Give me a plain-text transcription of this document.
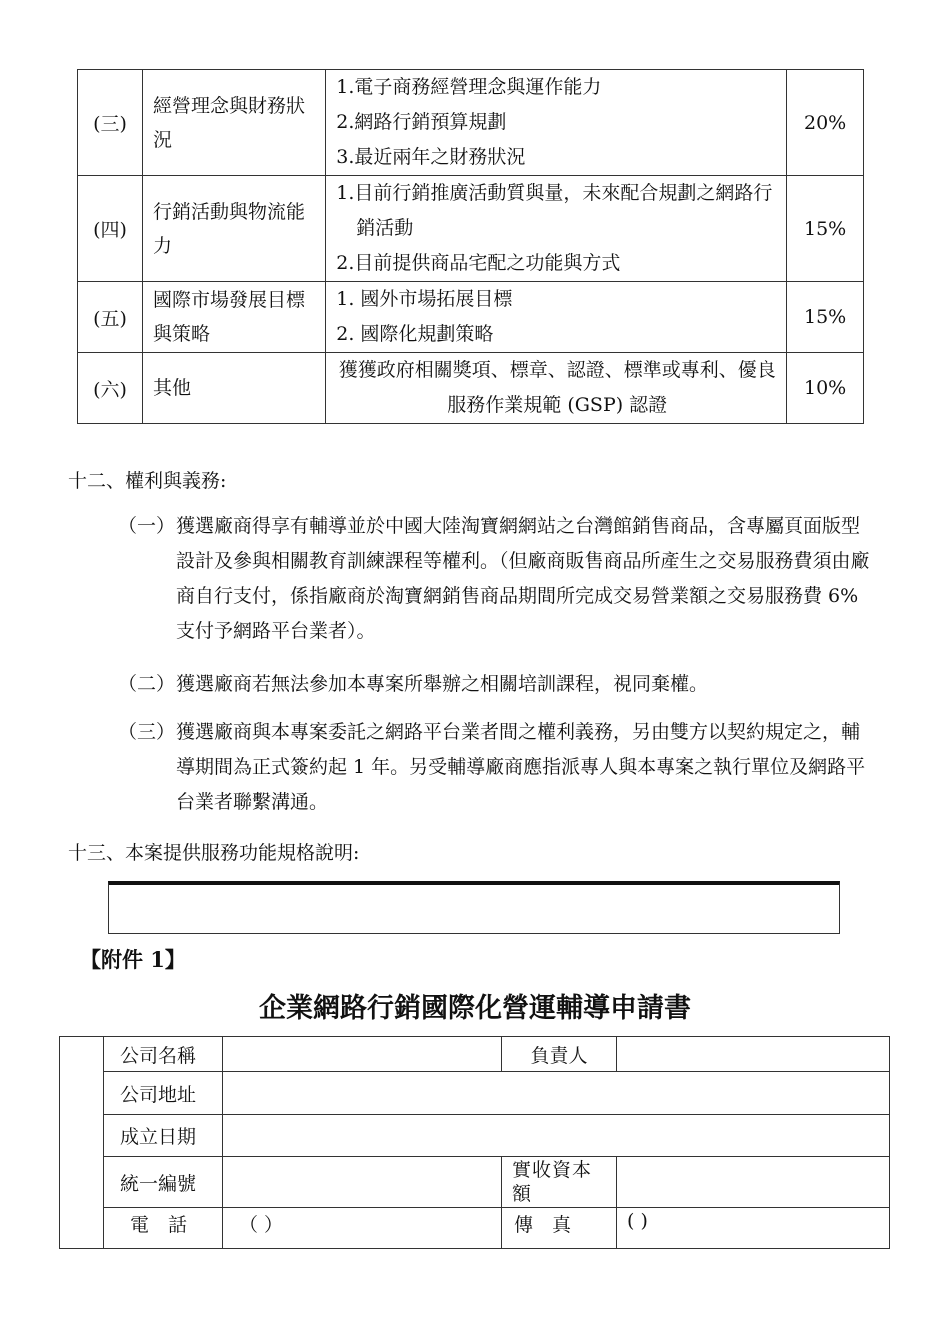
(三)	經營理念與財務狀況	1.電子商務經營理念與運作能力
2.網路行銷預算規劃
3.最近兩年之財務狀況	20%
(四)	行銷活動與物流能力	1.目前行銷推廣活動質與量，未來配合規劃之網路行銷活動
2.目前提供商品宅配之功能與方式	15%
(五)	國際市場發展目標與策略	1. 國外市場拓展目標
2. 國際化規劃策略	15%
(六)	其他	獲獲政府相關獎項、標章、認證、標準或專利、優良服務作業規範 (GSP) 認證	10%
十二、權利與義務:
（一） 獲選廠商得享有輔導並於中國大陸淘寶網網站之台灣館銷售商品，含專屬頁面版型設計及參與相關教育訓練課程等權利。（但廠商販售商品所產生之交易服務費須由廠商自行支付，係指廠商於淘寶網銷售商品期間所完成交易營業額之交易服務費 6%支付予網路平台業者）。
（二） 獲選廠商若無法參加本專案所舉辦之相關培訓課程，視同棄權。
（三） 獲選廠商與本專案委託之網路平台業者間之權利義務，另由雙方以契約規定之，輔導期間為正式簽約起 1 年。另受輔導廠商應指派專人與本專案之執行單位及網路平台業者聯繫溝通。
十三、本案提供服務功能規格說明:
【附件 1】
企業網路行銷國際化營運輔導申請書
	公司名稱		負責人	
	公司地址			
	成立日期			
	統一編號		實收資本額	
	電　話	（ ）	傳　真	( )
